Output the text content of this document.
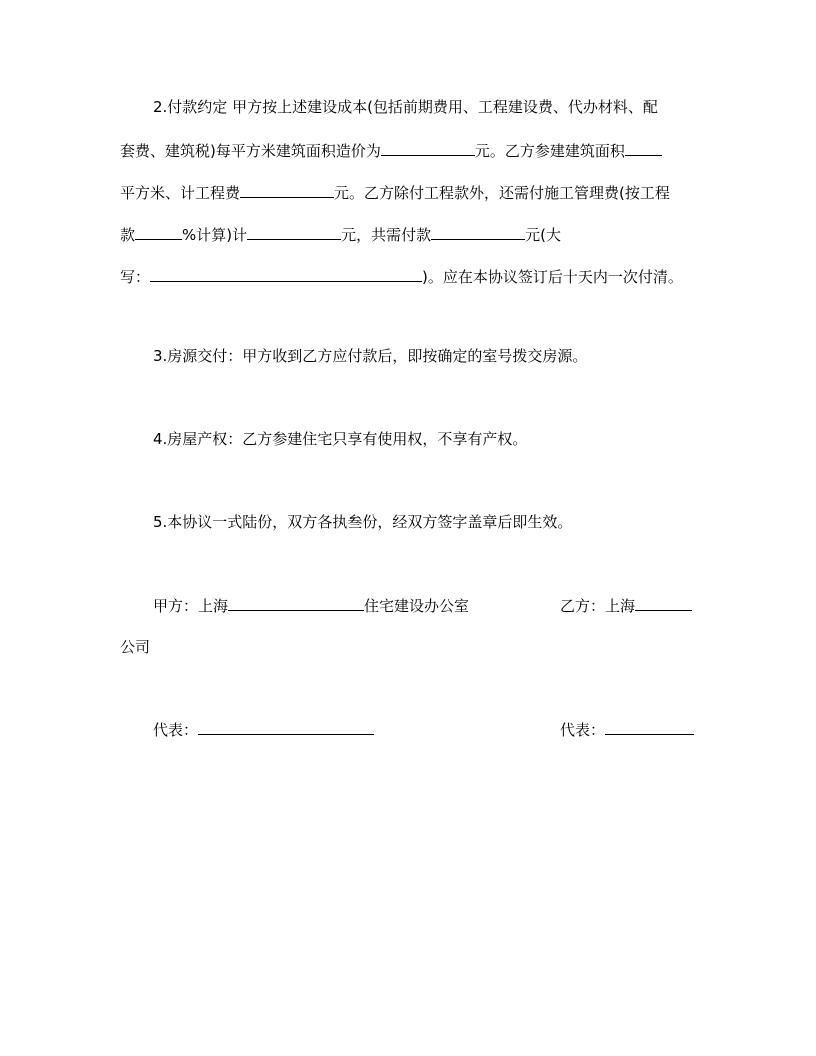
2.付款约定 甲方按上述建设成本(包括前期费用、工程建设费、代办材料、配
套费、建筑税)每平方米建筑面积造价为	元。乙方参建建筑面积
平方米、计工程费	元。乙方除付工程款外，还需付施工管理费(按工程
款	%计算)计	元，共需付款	元(大
写：	)。应在本协议签订后十天内一次付清。
3.房源交付：甲方收到乙方应付款后，即按确定的室号拨交房源。
4.房屋产权：乙方参建住宅只享有使用权，不享有产权。
5.本协议一式陆份，双方各执叁份，经双方签字盖章后即生效。
甲方：上海	住宅建设办公室	乙方：上海
公司
代表：	代表：
